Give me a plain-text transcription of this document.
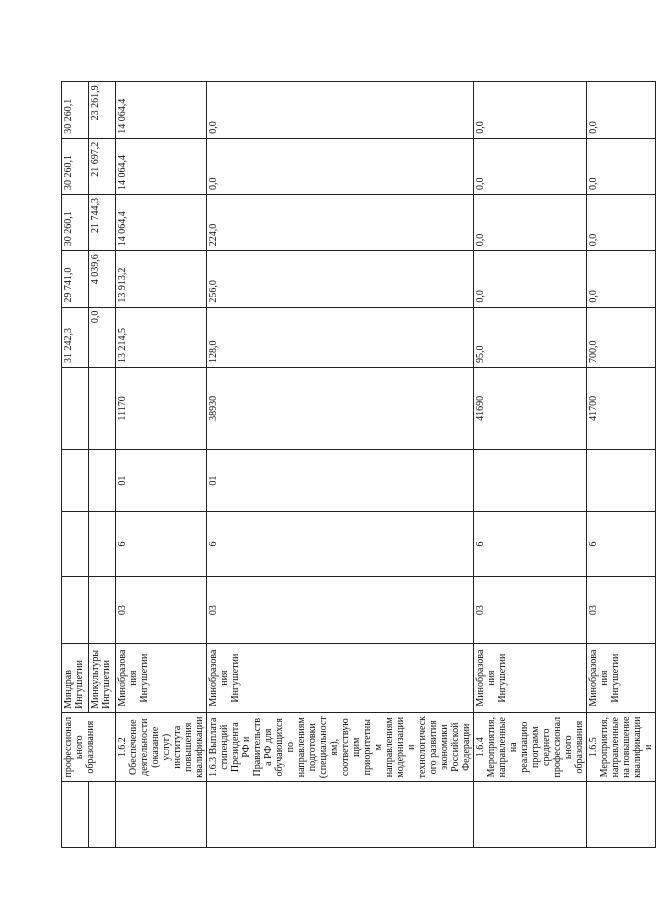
	профессионального образования	Миндрав Ингушетии					31 242,3	29 741,0	30 260,1	30 260,1	30 260,1
		Минкультуры Ингушетии					0,0	4 039,6	21 744,3	21 697,2	23 261,9
	1.6.2 Обеспечение деятельности (оказание услуг) института повышения квалификации	Минобразования Ингушетии	03	6	01	11170	13 214,5	13 913,2	14 064,4	14 064,4	14 064,4
	1.6.3 Выплата стипендий Президента РФ и Правительства РФ для обучающихся по направлениям подготовки (специальностям), соответствующим приоритетным направлениям модернизации и технологического развития экономики Российской Федерации	Минобразования Ингушетии	03	6	01	38930	128,0	256,0	224,0	0,0	0,0
	1.6.4 Мероприятия, направленные на реализацию программ среднего профессионального образования	Минобразования Ингушетии	03	6		41690	95,0	0,0	0,0	0,0	0,0
	1.6.5 Мероприятия, направленные на повышение квалификации и	Минобразования Ингушетии	03	6		41700	700,0	0,0	0,0	0,0	0,0
